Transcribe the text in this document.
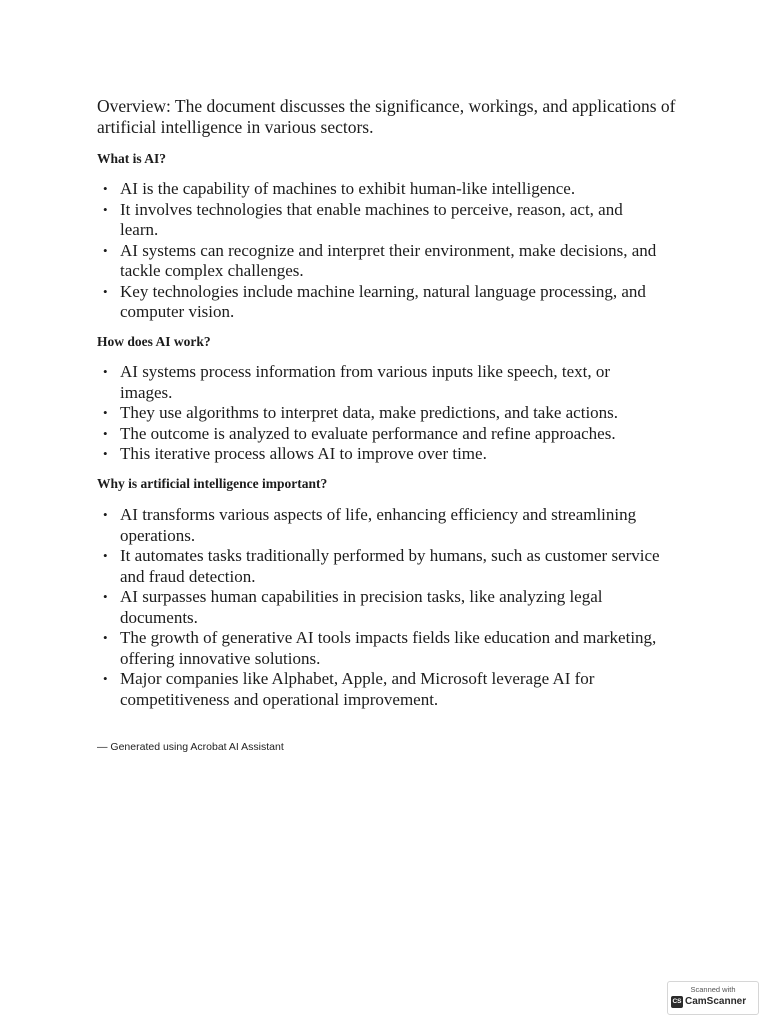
Overview: The document discusses the significance, workings, and applications of artificial intelligence in various sectors.

What is AI?
• AI is the capability of machines to exhibit human-like intelligence.
• It involves technologies that enable machines to perceive, reason, act, and learn.
• AI systems can recognize and interpret their environment, make decisions, and tackle complex challenges.
• Key technologies include machine learning, natural language processing, and computer vision.
How does AI work?
• AI systems process information from various inputs like speech, text, or images.
• They use algorithms to interpret data, make predictions, and take actions.
• The outcome is analyzed to evaluate performance and refine approaches.
• This iterative process allows AI to improve over time.
Why is artificial intelligence important?
• AI transforms various aspects of life, enhancing efficiency and streamlining operations.
• It automates tasks traditionally performed by humans, such as customer service and fraud detection.
• AI surpasses human capabilities in precision tasks, like analyzing legal documents.
• The growth of generative AI tools impacts fields like education and marketing, offering innovative solutions.
• Major companies like Alphabet, Apple, and Microsoft leverage AI for competitiveness and operational improvement.

— Generated using Acrobat AI Assistant

Scanned with
CS CamScanner
